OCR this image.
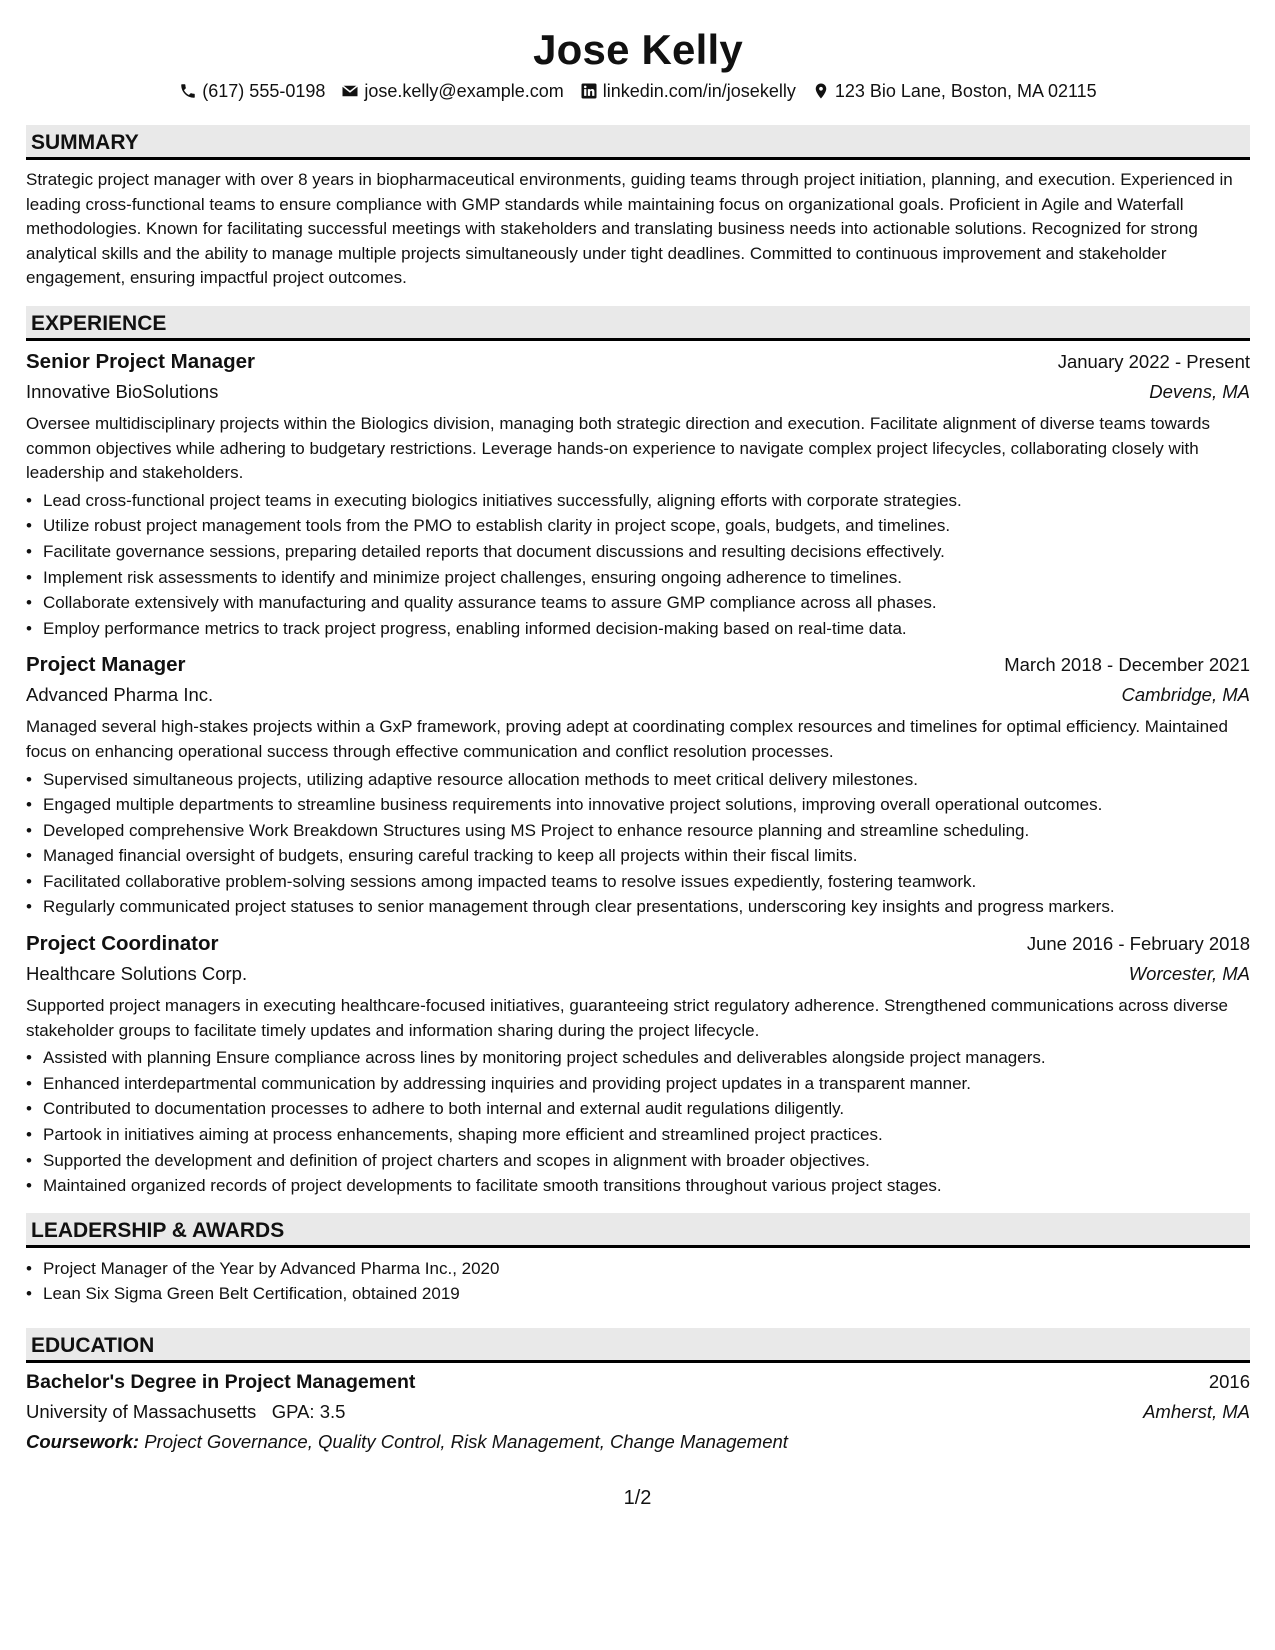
Jose Kelly
(617) 555-0198 jose.kelly@example.com linkedin.com/in/josekelly 123 Bio Lane, Boston, MA 02115
SUMMARY

Strategic project manager with over 8 years in biopharmaceutical environments, guiding teams through project initiation, planning, and execution. Experienced in leading cross-functional teams to ensure compliance with GMP standards while maintaining focus on organizational goals. Proficient in Agile and Waterfall methodologies. Known for facilitating successful meetings with stakeholders and translating business needs into actionable solutions. Recognized for strong analytical skills and the ability to manage multiple projects simultaneously under tight deadlines. Committed to continuous improvement and stakeholder engagement, ensuring impactful project outcomes.

EXPERIENCE
Senior Project Manager	January 2022 - Present
Innovative BioSolutions	Devens, MA

Oversee multidisciplinary projects within the Biologics division, managing both strategic direction and execution. Facilitate alignment of diverse teams towards common objectives while adhering to budgetary restrictions. Leverage hands-on experience to navigate complex project lifecycles, collaborating closely with leadership and stakeholders.

• Lead cross-functional project teams in executing biologics initiatives successfully, aligning efforts with corporate strategies.
• Utilize robust project management tools from the PMO to establish clarity in project scope, goals, budgets, and timelines.
• Facilitate governance sessions, preparing detailed reports that document discussions and resulting decisions effectively.
• Implement risk assessments to identify and minimize project challenges, ensuring ongoing adherence to timelines.
• Collaborate extensively with manufacturing and quality assurance teams to assure GMP compliance across all phases.
• Employ performance metrics to track project progress, enabling informed decision-making based on real-time data.
Project Manager	March 2018 - December 2021
Advanced Pharma Inc.	Cambridge, MA

Managed several high-stakes projects within a GxP framework, proving adept at coordinating complex resources and timelines for optimal efficiency. Maintained focus on enhancing operational success through effective communication and conflict resolution processes.

• Supervised simultaneous projects, utilizing adaptive resource allocation methods to meet critical delivery milestones.
• Engaged multiple departments to streamline business requirements into innovative project solutions, improving overall operational outcomes.
• Developed comprehensive Work Breakdown Structures using MS Project to enhance resource planning and streamline scheduling.
• Managed financial oversight of budgets, ensuring careful tracking to keep all projects within their fiscal limits.
• Facilitated collaborative problem-solving sessions among impacted teams to resolve issues expediently, fostering teamwork.
• Regularly communicated project statuses to senior management through clear presentations, underscoring key insights and progress markers.
Project Coordinator	June 2016 - February 2018
Healthcare Solutions Corp.	Worcester, MA

Supported project managers in executing healthcare-focused initiatives, guaranteeing strict regulatory adherence. Strengthened communications across diverse stakeholder groups to facilitate timely updates and information sharing during the project lifecycle.

• Assisted with planning Ensure compliance across lines by monitoring project schedules and deliverables alongside project managers.
• Enhanced interdepartmental communication by addressing inquiries and providing project updates in a transparent manner.
• Contributed to documentation processes to adhere to both internal and external audit regulations diligently.
• Partook in initiatives aiming at process enhancements, shaping more efficient and streamlined project practices.
• Supported the development and definition of project charters and scopes in alignment with broader objectives.
• Maintained organized records of project developments to facilitate smooth transitions throughout various project stages.
LEADERSHIP & AWARDS
• Project Manager of the Year by Advanced Pharma Inc., 2020
• Lean Six Sigma Green Belt Certification, obtained 2019
EDUCATION
Bachelor's Degree in Project Management	2016
University of Massachusetts   GPA: 3.5	Amherst, MA
Coursework: Project Governance, Quality Control, Risk Management, Change Management
1/2
